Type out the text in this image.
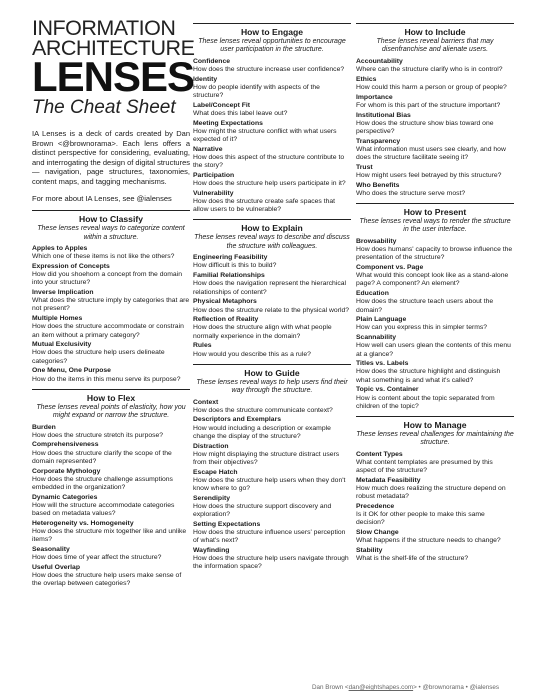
INFORMATION
ARCHITECTURE
LENSES
The Cheat Sheet

IA Lenses is a deck of cards created by Dan Brown <@brownorama>. Each lens offers a distinct perspective for considering, evaluating, and interrogating the design of digital structures — navigation, page structures, taxonomies, content maps, and tagging mechanisms.

For more about IA Lenses, see @ialenses

How to Classify
These lenses reveal ways to categorize content within a structure.
Apples to Apples
Which one of these items is not like the others?
Expression of Concepts
How did you shoehorn a concept from the domain into your structure?
Inverse Implication
What does the structure imply by categories that are not present?
Multiple Homes
How does the structure accommodate or constrain an item without a primary category?
Mutual Exclusivity
How does the structure help users delineate categories?
One Menu, One Purpose
How do the items in this menu serve its purpose?
How to Flex
These lenses reveal points of elasticity, how you might expand or narrow the structure.
Burden
How does the structure stretch its purpose?
Comprehensiveness
How does the structure clarify the scope of the domain represented?
Corporate Mythology
How does the structure challenge assumptions embedded in the organization?
Dynamic Categories
How will the structure accommodate categories based on metadata values?
Heterogeneity vs. Homogeneity
How does the structure mix together like and unlike items?
Seasonality
How does time of year affect the structure?
Useful Overlap
How does the structure help users make sense of the overlap between categories?
How to Engage
These lenses reveal opportunities to encourage user participation in the structure.
Confidence
How does the structure increase user confidence?
Identity
How do people identify with aspects of the structure?
Label/Concept Fit
What does this label leave out?
Meeting Expectations
How might the structure conflict with what users expected of it?
Narrative
How does this aspect of the structure contribute to the story?
Participation
How does the structure help users participate in it?
Vulnerability
How does the structure create safe spaces that allow users to be vulnerable?
How to Explain
These lenses reveal ways to describe and discuss the structure with colleagues.
Engineering Feasibility
How difficult is this to build?
Familial Relationships
How does the navigation represent the hierarchical relationships of content?
Physical Metaphors
How does the structure relate to the physical world?
Reflection of Reality
How does the structure align with what people normally experience in the domain?
Rules
How would you describe this as a rule?
How to Guide
These lenses reveal ways to help users find their way through the structure.
Context
How does the structure communicate context?
Descriptors and Exemplars
How would including a description or example change the display of the structure?
Distraction
How might displaying the structure distract users from their objectives?
Escape Hatch
How does the structure help users when they don't know where to go?
Serendipity
How does the structure support discovery and exploration?
Setting Expectations
How does the structure influence users' perception of what's next?
Wayfinding
How does the structure help users navigate through the information space?
How to Include
These lenses reveal barriers that may disenfranchise and alienate users.
Accountability
Where can the structure clarify who is in control?
Ethics
How could this harm a person or group of people?
Importance
For whom is this part of the structure important?
Institutional Bias
How does the structure show bias toward one perspective?
Transparency
What information must users see clearly, and how does the structure facilitate seeing it?
Trust
How might users feel betrayed by this structure?
Who Benefits
Who does the structure serve most?
How to Present
These lenses reveal ways to render the structure in the user interface.
Browsability
How does humans' capacity to browse influence the presentation of the structure?
Component vs. Page
What would this concept look like as a stand-alone page? A component? An element?
Education
How does the structure teach users about the domain?
Plain Language
How can you express this in simpler terms?
Scannability
How well can users glean the contents of this menu at a glance?
Titles vs. Labels
How does the structure highlight and distinguish what something is and what it's called?
Topic vs. Container
How is content about the topic separated from children of the topic?
How to Manage
These lenses reveal challenges for maintaining the structure.
Content Types
What content templates are presumed by this aspect of the structure?
Metadata Feasibility
How much does realizing the structure depend on robust metadata?
Precedence
Is it OK for other people to make this same decision?
Slow Change
What happens if the structure needs to change?
Stability
What is the shelf-life of the structure?
Dan Brown <dan@eightshapes.com> • @brownorama • @ialenses
